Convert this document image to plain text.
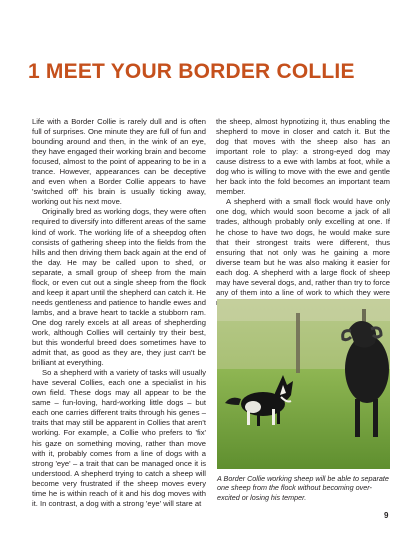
1 MEET YOUR BORDER COLLIE

Life with a Border Collie is rarely dull and is often full of surprises. One minute they are full of fun and bounding around and then, in the wink of an eye, they have engaged their working brain and become focused, almost to the point of appearing to be in a trance. However, appearances can be deceptive and even when a Border Collie appears to have 'switched off' his brain is usually ticking away, working out his next move.

Originally bred as working dogs, they were often required to diversify into different areas of the same kind of work. The working life of a sheepdog often consists of gathering sheep into the fields from the hills and then driving them back again at the end of the day. He may be called upon to shed, or separate, a small group of sheep from the main flock, or even cut out a single sheep from the flock and keep it apart until the shepherd can catch it. He needs gentleness and patience to handle ewes and lambs, and a brave heart to tackle a stubborn ram. One dog rarely excels at all areas of shepherding work, although Collies will certainly try their best, but this wonderful breed does sometimes have to admit that, as good as they are, they just can't be brilliant at everything.

So a shepherd with a variety of tasks will usually have several Collies, each one a specialist in his own field. These dogs may all appear to be the same – fun-loving, hard-working little dogs – but each one carries different traits through his genes – traits that may still be apparent in Collies that aren't working. For example, a Collie who prefers to 'fix' his gaze on something moving, rather than move with it, probably comes from a line of dogs with a strong 'eye' – a trait that can be managed once it is understood. A shepherd trying to catch a sheep will become very frustrated if the sheep moves every time he is within reach of it and his dog moves with it. In contrast, a dog with a strong 'eye' will stare at

the sheep, almost hypnotizing it, thus enabling the shepherd to move in closer and catch it. But the dog that moves with the sheep also has an important role to play: a strong-eyed dog may cause distress to a ewe with lambs at foot, while a dog who is willing to move with the ewe and gentle her back into the fold becomes an important team member.

A shepherd with a small flock would have only one dog, which would soon become a jack of all trades, although probably only excelling at one. If he chose to have two dogs, he would make sure that their strongest traits were different, thus ensuring that not only was he gaining a more diverse team but he was also making it easier for each dog. A shepherd with a large flock of sheep may have several dogs, and, rather than try to force any of them into a line of work to which they were

A Border Collie working sheep will be able to separate one sheep from the flock without becoming over-excited or losing his temper.
9
